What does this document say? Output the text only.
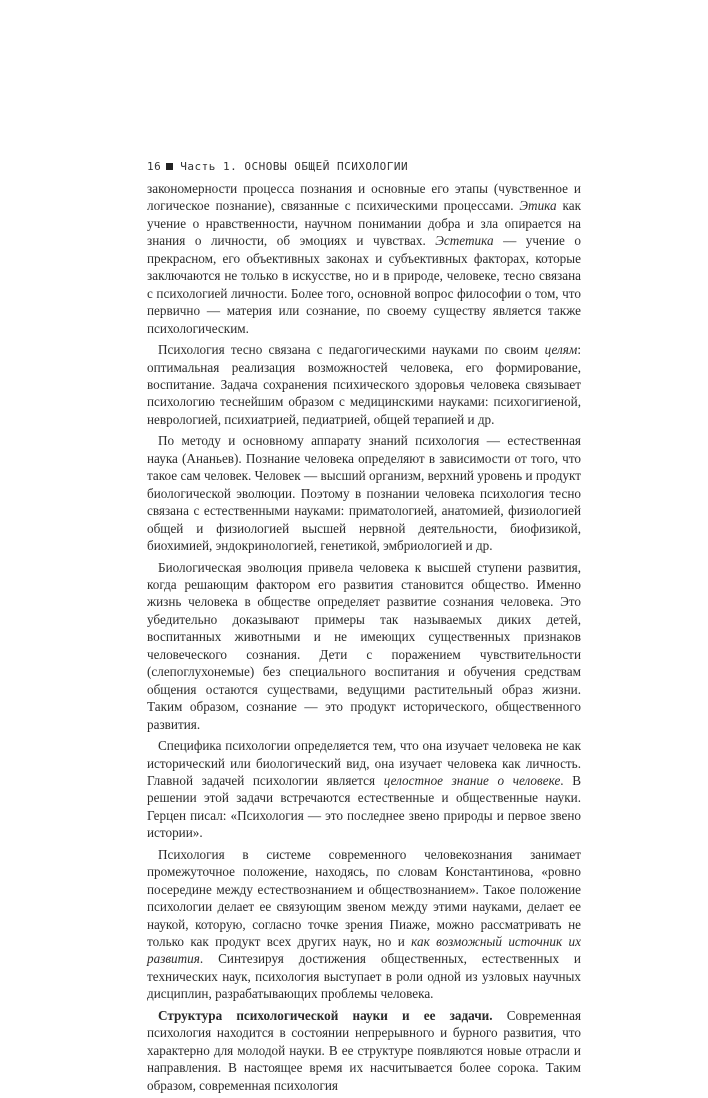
16 Часть 1. ОСНОВЫ ОБЩЕЙ ПСИХОЛОГИИ

закономерности процесса познания и основные его этапы (чувственное и логическое познание), связанные с психическими процессами. Этика как учение о нравственности, научном понимании добра и зла опирается на знания о личности, об эмоциях и чувствах. Эстетика — учение о прекрасном, его объективных законах и субъективных факторах, которые заключаются не только в искусстве, но и в природе, человеке, тесно связана с психологией личности. Более того, основной вопрос философии о том, что первично — материя или сознание, по своему существу является также психологическим.

Психология тесно связана с педагогическими науками по своим целям: оптимальная реализация возможностей человека, его формирование, воспитание. Задача сохранения психического здоровья человека связывает психологию теснейшим образом с медицинскими науками: психогигиеной, неврологией, психиатрией, педиатрией, общей терапией и др.

По методу и основному аппарату знаний психология — естественная наука (Ананьев). Познание человека определяют в зависимости от того, что такое сам человек. Человек — высший организм, верхний уровень и продукт биологической эволюции. Поэтому в познании человека психология тесно связана с естественными науками: приматологией, анатомией, физиологией общей и физиологией высшей нервной деятельности, биофизикой, биохимией, эндокринологией, генетикой, эмбриологией и др.

Биологическая эволюция привела человека к высшей ступени развития, когда решающим фактором его развития становится общество. Именно жизнь человека в обществе определяет развитие сознания человека. Это убедительно доказывают примеры так называемых диких детей, воспитанных животными и не имеющих существенных признаков человеческого сознания. Дети с поражением чувствительности (слепоглухонемые) без специального воспитания и обучения средствам общения остаются существами, ведущими растительный образ жизни. Таким образом, сознание — это продукт исторического, общественного развития.

Специфика психологии определяется тем, что она изучает человека не как исторический или биологический вид, она изучает человека как личность. Главной задачей психологии является целостное знание о человеке. В решении этой задачи встречаются естественные и общественные науки. Герцен писал: «Психология — это последнее звено природы и первое звено истории».

Психология в системе современного человекознания занимает промежуточное положение, находясь, по словам Константинова, «ровно посередине между естествознанием и обществознанием». Такое положение психологии делает ее связующим звеном между этими науками, делает ее наукой, которую, согласно точке зрения Пиаже, можно рассматривать не только как продукт всех других наук, но и как возможный источник их развития. Синтезируя достижения общественных, естественных и технических наук, психология выступает в роли одной из узловых научных дисциплин, разрабатывающих проблемы человека.

Структура психологической науки и ее задачи. Современная психология находится в состоянии непрерывного и бурного развития, что характерно для молодой науки. В ее структуре появляются новые отрасли и направления. В настоящее время их насчитывается более сорока. Таким образом, современная психология
